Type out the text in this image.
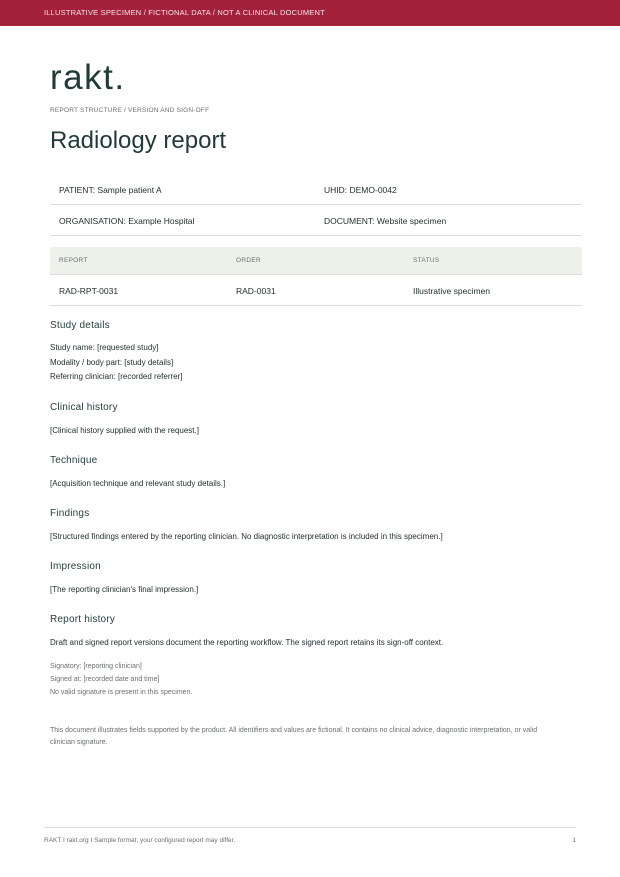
ILLUSTRATIVE SPECIMEN / FICTIONAL DATA / NOT A CLINICAL DOCUMENT
rakt.
REPORT STRUCTURE / VERSION AND SIGN-OFF
Radiology report
PATIENT: Sample patient A	UHID: DEMO-0042
ORGANISATION: Example Hospital	DOCUMENT: Website specimen
REPORT	ORDER	STATUS
RAD-RPT-0031	RAD-0031	Illustrative specimen
Study details
Study name: [requested study]
Modality / body part: [study details]
Referring clinician: [recorded referrer]
Clinical history
[Clinical history supplied with the request.]
Technique
[Acquisition technique and relevant study details.]
Findings
[Structured findings entered by the reporting clinician. No diagnostic interpretation is included in this specimen.]
Impression
[The reporting clinician's final impression.]
Report history
Draft and signed report versions document the reporting workflow. The signed report retains its sign-off context.
Signatory: [reporting clinician]
Signed at: [recorded date and time]
No valid signature is present in this specimen.
This document illustrates fields supported by the product. All identifiers and values are fictional. It contains no clinical advice, diagnostic interpretation, or valid clinician signature.
RAKT I rakt.org I Sample format; your configured report may differ.	1
